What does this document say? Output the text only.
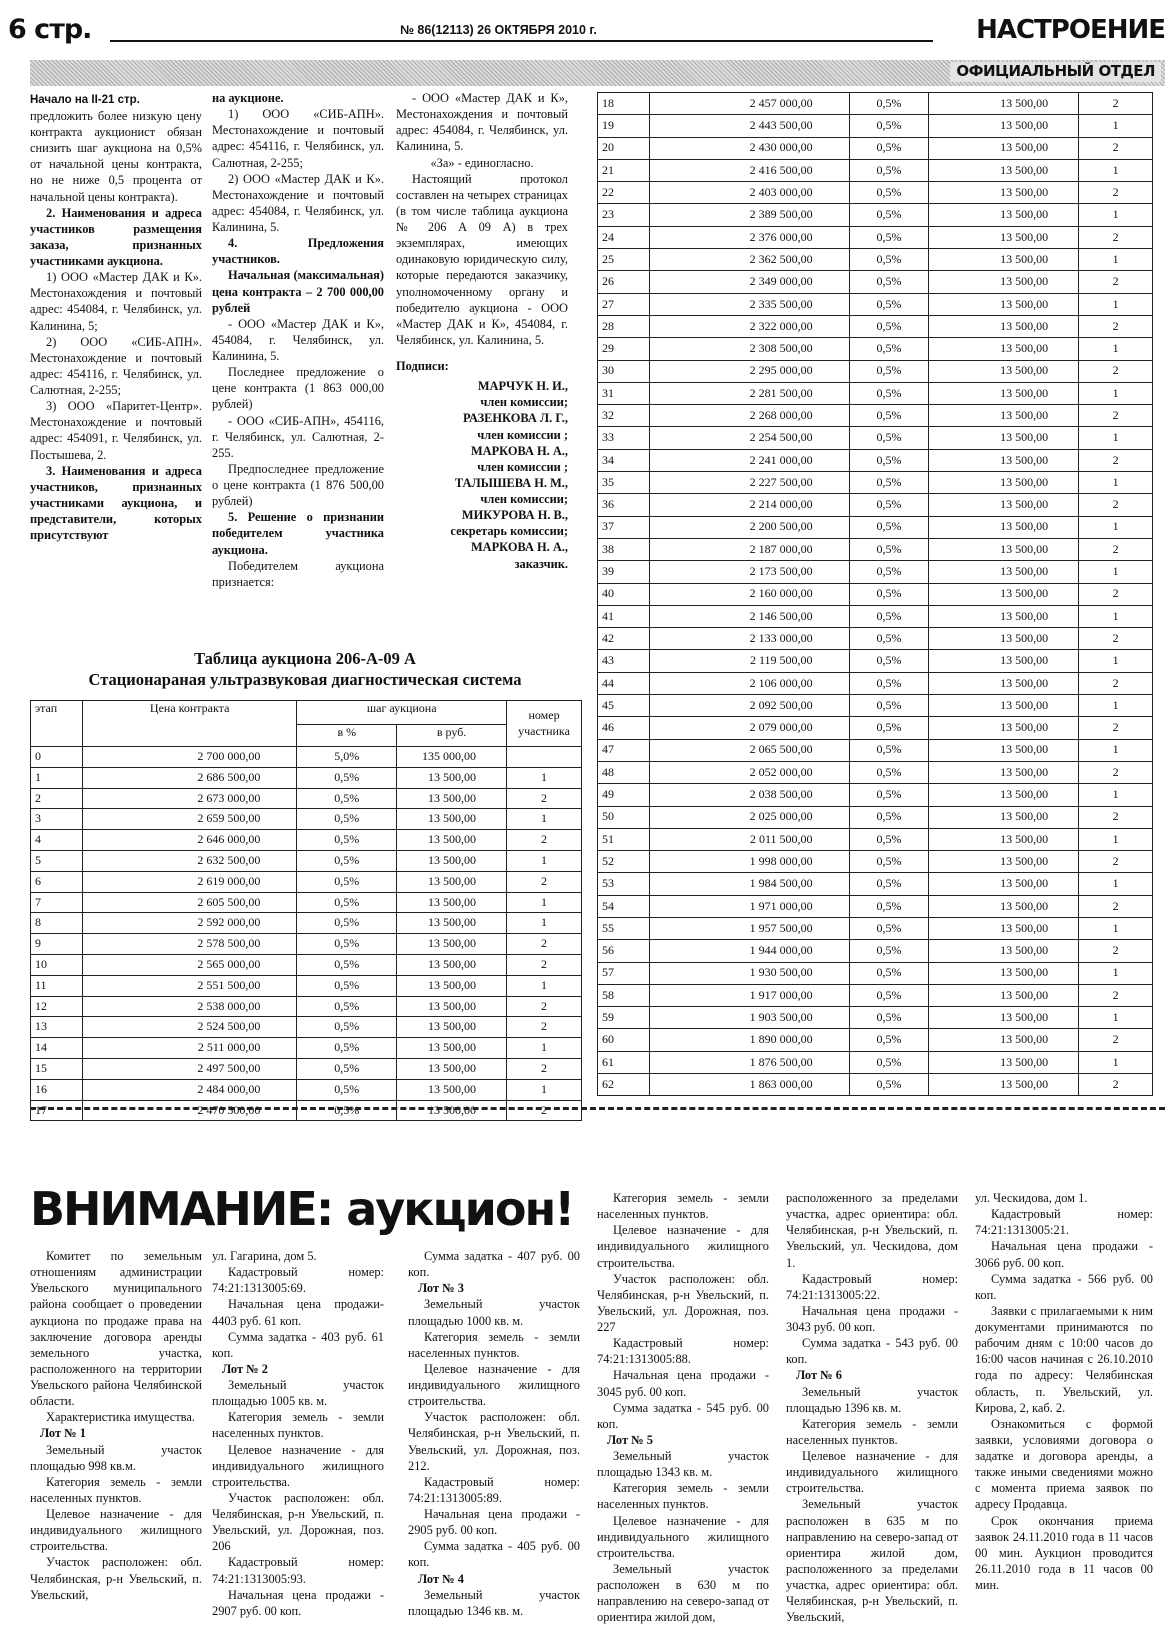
6 стр.	№ 86(12113) 26 ОКТЯБРЯ 2010 г.	НАСТРОЕНИЕ
ОФИЦИАЛЬНЫЙ ОТДЕЛ

Начало на II-21 стр.

предложить более низкую цену контракта аукционист обязан снизить шаг аукциона на 0,5% от начальной цены контракта, но не ниже 0,5 процента от начальной цены контракта).

2. Наименования и адреса участников размещения заказа, признанных участниками аукциона.

1) ООО «Мастер ДАК и К». Местонахождения и почтовый адрес: 454084, г. Челябинск, ул. Калинина, 5;

2) ООО «СИБ-АПН». Местонахождение и почтовый адрес: 454116, г. Челябинск, ул. Салютная, 2-255;

3) ООО «Паритет-Центр». Местонахождение и почтовый адрес: 454091, г. Челябинск, ул. Постышева, 2.

3. Наименования и адреса участников, признанных участниками аукциона, и представители, которых присутствуют

на аукционе.

1) ООО «СИБ-АПН». Местонахождение и почтовый адрес: 454116, г. Челябинск, ул. Салютная, 2-255;

2) ООО «Мастер ДАК и К». Местонахождение и почтовый адрес: 454084, г. Челябинск, ул. Калинина, 5.

4. Предложения участников.

Начальная (максимальная) цена контракта – 2 700 000,00 рублей

- ООО «Мастер ДАК и К», 454084, г. Челябинск, ул. Калинина, 5.

Последнее предложение о цене контракта (1 863 000,00 рублей)

- ООО «СИБ-АПН», 454116, г. Челябинск, ул. Салютная, 2-255.

Предпоследнее предложение о цене контракта (1 876 500,00 рублей)

5. Решение о признании победителем участника аукциона.

Победителем аукциона признается:

- ООО «Мастер ДАК и К», Местонахождения и почтовый адрес: 454084, г. Челябинск, ул. Калинина, 5.

«За» - единогласно.

Настоящий протокол составлен на четырех страницах (в том числе таблица аукциона № 206 А 09 А) в трех экземплярах, имеющих одинаковую юридическую силу, которые передаются заказчику, уполномоченному органу и победителю аукциона - ООО «Мастер ДАК и К», 454084, г. Челябинск, ул. Калинина, 5.

Подписи:

МАРЧУК Н. И.,

член комиссии;

РАЗЕНКОВА Л. Г.,

член комиссии ;

МАРКОВА Н. А.,

член комиссии ;

ТАЛЫШЕВА Н. М.,

член комиссии;

МИКУРОВА Н. В.,

секретарь комиссии;

МАРКОВА Н. А.,

заказчик.

Таблица аукциона 206-А-09 А
Стационараная ультразвуковая диагностическая система
этап	Цена контракта	шаг аукциона		номер участника
		в %	в руб.	
0	2 700 000,00	5,0%	135 000,00	
1	2 686 500,00	0,5%	13 500,00	1
2	2 673 000,00	0,5%	13 500,00	2
3	2 659 500,00	0,5%	13 500,00	1
4	2 646 000,00	0,5%	13 500,00	2
5	2 632 500,00	0,5%	13 500,00	1
6	2 619 000,00	0,5%	13 500,00	2
7	2 605 500,00	0,5%	13 500,00	1
8	2 592 000,00	0,5%	13 500,00	1
9	2 578 500,00	0,5%	13 500,00	2
10	2 565 000,00	0,5%	13 500,00	2
11	2 551 500,00	0,5%	13 500,00	1
12	2 538 000,00	0,5%	13 500,00	2
13	2 524 500,00	0,5%	13 500,00	2
14	2 511 000,00	0,5%	13 500,00	1
15	2 497 500,00	0,5%	13 500,00	2
16	2 484 000,00	0,5%	13 500,00	1
17	2 470 500,00	0,5%	13 500,00	2
18	2 457 000,00	0,5%	13 500,00	2
19	2 443 500,00	0,5%	13 500,00	1
20	2 430 000,00	0,5%	13 500,00	2
21	2 416 500,00	0,5%	13 500,00	1
22	2 403 000,00	0,5%	13 500,00	2
23	2 389 500,00	0,5%	13 500,00	1
24	2 376 000,00	0,5%	13 500,00	2
25	2 362 500,00	0,5%	13 500,00	1
26	2 349 000,00	0,5%	13 500,00	2
27	2 335 500,00	0,5%	13 500,00	1
28	2 322 000,00	0,5%	13 500,00	2
29	2 308 500,00	0,5%	13 500,00	1
30	2 295 000,00	0,5%	13 500,00	2
31	2 281 500,00	0,5%	13 500,00	1
32	2 268 000,00	0,5%	13 500,00	2
33	2 254 500,00	0,5%	13 500,00	1
34	2 241 000,00	0,5%	13 500,00	2
35	2 227 500,00	0,5%	13 500,00	1
36	2 214 000,00	0,5%	13 500,00	2
37	2 200 500,00	0,5%	13 500,00	1
38	2 187 000,00	0,5%	13 500,00	2
39	2 173 500,00	0,5%	13 500,00	1
40	2 160 000,00	0,5%	13 500,00	2
41	2 146 500,00	0,5%	13 500,00	1
42	2 133 000,00	0,5%	13 500,00	2
43	2 119 500,00	0,5%	13 500,00	1
44	2 106 000,00	0,5%	13 500,00	2
45	2 092 500,00	0,5%	13 500,00	1
46	2 079 000,00	0,5%	13 500,00	2
47	2 065 500,00	0,5%	13 500,00	1
48	2 052 000,00	0,5%	13 500,00	2
49	2 038 500,00	0,5%	13 500,00	1
50	2 025 000,00	0,5%	13 500,00	2
51	2 011 500,00	0,5%	13 500,00	1
52	1 998 000,00	0,5%	13 500,00	2
53	1 984 500,00	0,5%	13 500,00	1
54	1 971 000,00	0,5%	13 500,00	2
55	1 957 500,00	0,5%	13 500,00	1
56	1 944 000,00	0,5%	13 500,00	2
57	1 930 500,00	0,5%	13 500,00	1
58	1 917 000,00	0,5%	13 500,00	2
59	1 903 500,00	0,5%	13 500,00	1
60	1 890 000,00	0,5%	13 500,00	2
61	1 876 500,00	0,5%	13 500,00	1
62	1 863 000,00	0,5%	13 500,00	2
ВНИМАНИЕ: аукцион!

Комитет по земельным отношениям администрации Увельского муниципального района сообщает о проведении аукциона по продаже права на заключение договора аренды земельного участка, расположенного на территории Увельского района Челябинской области.

Характеристика имущества.

Лот № 1

Земельный участок площадью 998 кв.м.

Категория земель - земли населенных пунктов.

Целевое назначение - для индивидуального жилищного строительства.

Участок расположен: обл. Челябинская, р-н Увельский, п. Увельский,

ул. Гагарина, дом 5.

Кадастровый номер: 74:21:1313005:69.

Начальная цена продажи- 4403 руб. 61 коп.

Сумма задатка - 403 руб. 61 коп.

Лот № 2

Земельный участок площадью 1005 кв. м.

Категория земель - земли населенных пунктов.

Целевое назначение - для индивидуального жилищного строительства.

Участок расположен: обл. Челябинская, р-н Увельский, п. Увельский, ул. Дорожная, поз. 206

Кадастровый номер: 74:21:1313005:93.

Начальная цена продажи - 2907 руб. 00 коп.

Сумма задатка - 407 руб. 00 коп.

Лот № 3

Земельный участок площадью 1000 кв. м.

Категория земель - земли населенных пунктов.

Целевое назначение - для индивидуального жилищного строительства.

Участок расположен: обл. Челябинская, р-н Увельский, п. Увельский, ул. Дорожная, поз. 212.

Кадастровый номер: 74:21:1313005:89.

Начальная цена продажи - 2905 руб. 00 коп.

Сумма задатка - 405 руб. 00 коп.

Лот № 4

Земельный участок площадью 1346 кв. м.

Категория земель - земли населенных пунктов.

Целевое назначение - для индивидуального жилищного строительства.

Участок расположен: обл. Челябинская, р-н Увельский, п. Увельский, ул. Дорожная, поз. 227

Кадастровый номер: 74:21:1313005:88.

Начальная цена продажи - 3045 руб. 00 коп.

Сумма задатка - 545 руб. 00 коп.

Лот № 5

Земельный участок площадью 1343 кв. м.

Категория земель - земли населенных пунктов.

Целевое назначение - для индивидуального жилищного строительства.

Земельный участок расположен в 630 м по направлению на северо-запад от ориентира жилой дом,

расположенного за пределами участка, адрес ориентира: обл. Челябинская, р-н Увельский, п. Увельский, ул. Ческидова, дом 1.

Кадастровый номер: 74:21:1313005:22.

Начальная цена продажи - 3043 руб. 00 коп.

Сумма задатка - 543 руб. 00 коп.

Лот № 6

Земельный участок площадью 1396 кв. м.

Категория земель - земли населенных пунктов.

Целевое назначение - для индивидуального жилищного строительства.

Земельный участок расположен в 635 м по направлению на северо-запад от ориентира жилой дом, расположенного за пределами участка, адрес ориентира: обл. Челябинская, р-н Увельский, п. Увельский,

ул. Ческидова, дом 1.

Кадастровый номер: 74:21:1313005:21.

Начальная цена продажи - 3066 руб. 00 коп.

Сумма задатка - 566 руб. 00 коп.

Заявки с прилагаемыми к ним документами принимаются по рабочим дням с 10:00 часов до 16:00 часов начиная с 26.10.2010 года по адресу: Челябинская область, п. Увельский, ул. Кирова, 2, каб. 2.

Ознакомиться с формой заявки, условиями договора о задатке и договора аренды, а также иными сведениями можно с момента приема заявок по адресу Продавца.

Срок окончания приема заявок 24.11.2010 года в 11 часов 00 мин. Аукцион проводится 26.11.2010 года в 11 часов 00 мин.
